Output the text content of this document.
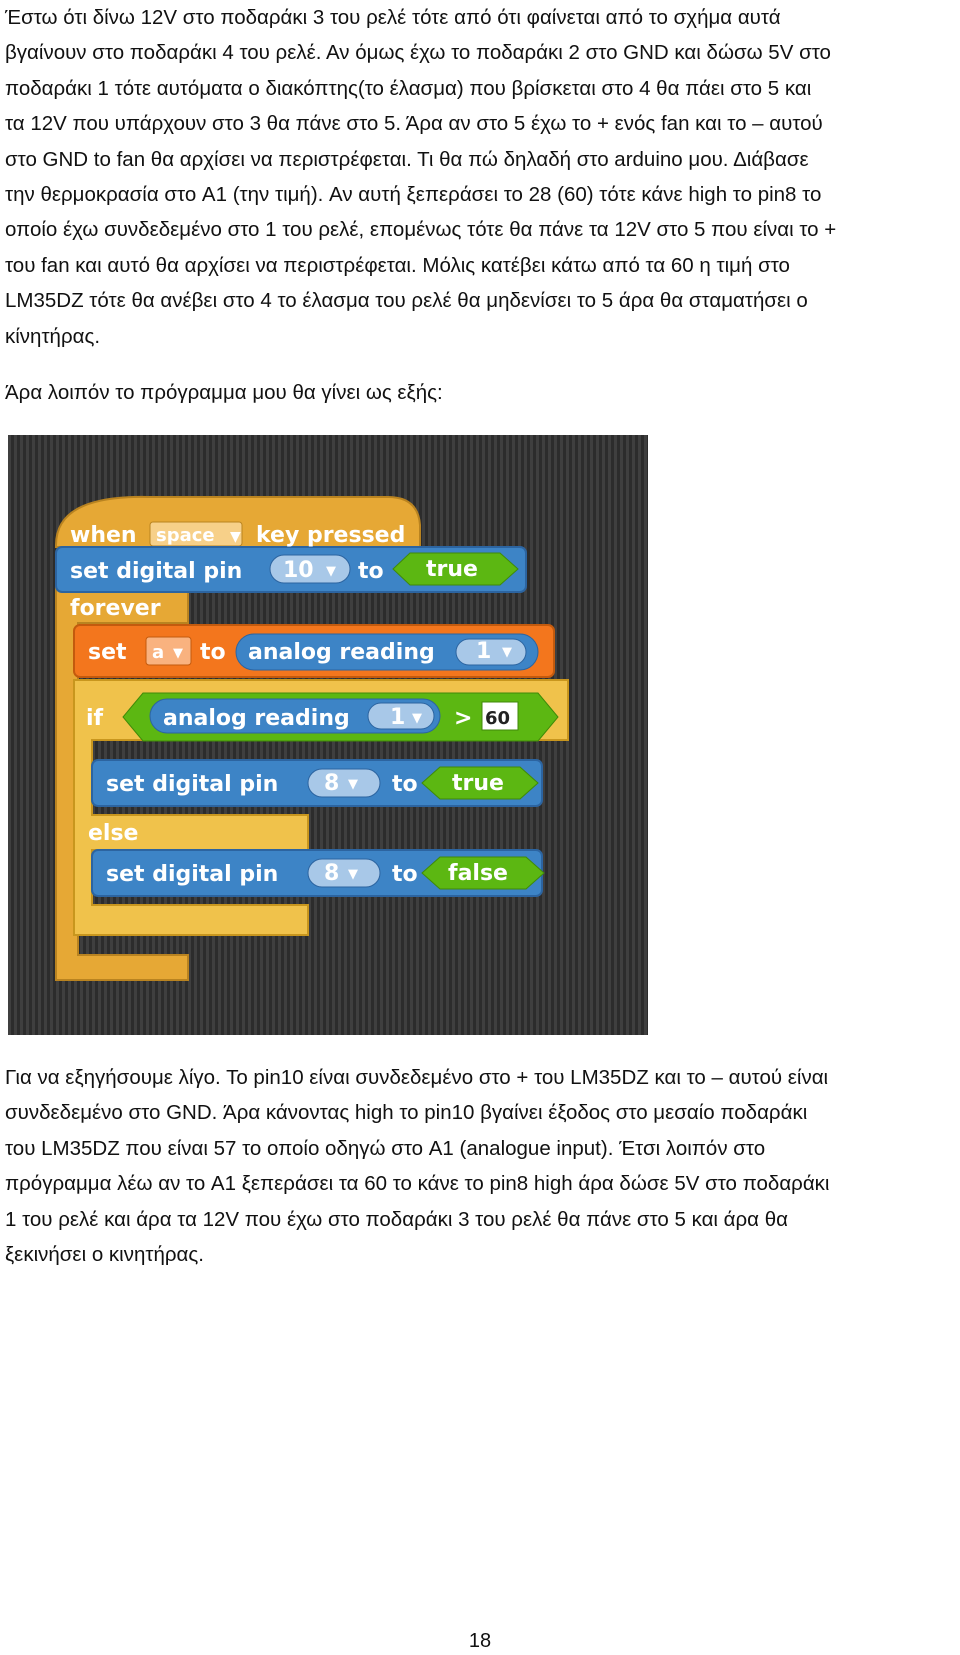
Έστω ότι δίνω 12V στο ποδαράκι 3 του ρελέ τότε από ότι φαίνεται από το σχήμα αυτά
βγαίνουν στο ποδαράκι 4 του ρελέ. Αν όμως έχω το ποδαράκι 2 στο GND και δώσω 5V στο
ποδαράκι 1 τότε αυτόματα ο διακόπτης(το έλασμα) που βρίσκεται στο 4 θα πάει στο 5 και
τα 12V που υπάρχουν στο 3 θα πάνε στο 5. Άρα αν στο 5 έχω το + ενός fan και το – αυτού
στο GND to fan θα αρχίσει να περιστρέφεται. Τι θα πώ δηλαδή στο arduino μου. Διάβασε
την θερμοκρασία στο A1 (την τιμή). Αν αυτή ξεπεράσει το 28 (60) τότε κάνε high το pin8 το
οποίο έχω συνδεδεμένο στο 1 του ρελέ, επομένως τότε θα πάνε τα 12V στο 5 που είναι το +
του fan και αυτό θα αρχίσει να περιστρέφεται. Μόλις κατέβει κάτω από τα 60 η τιμή στο
LM35DZ τότε θα ανέβει στο 4 το έλασμα του ρελέ θα μηδενίσει το 5 άρα θα σταματήσει ο
κίνητήρας.

Άρα λοιπόν το πρόγραμμα μου θα γίνει ως εξής:

when space ▼ key pressed
set digital pin 10 ▼ to true
forever
set a ▼ to analog reading 1 ▼
if	analog reading 1 ▼ > 60
set digital pin 8 ▼ to true
else
set digital pin 8 ▼ to false

Για να εξηγήσουμε λίγο. Το pin10 είναι συνδεδεμένο στο + του LM35DZ και το – αυτού είναι
συνδεδεμένο στο GND. Άρα κάνοντας high το pin10 βγαίνει έξοδος στο μεσαίο ποδαράκι
του LM35DZ που είναι 57 το οποίο οδηγώ στο A1 (analogue input). Έτσι λοιπόν στο
πρόγραμμα λέω αν το A1 ξεπεράσει τα 60 το κάνε το pin8 high άρα δώσε 5V στο ποδαράκι
1 του ρελέ και άρα τα 12V που έχω στο ποδαράκι 3 του ρελέ θα πάνε στο 5 και άρα θα
ξεκινήσει ο κινητήρας.

18
